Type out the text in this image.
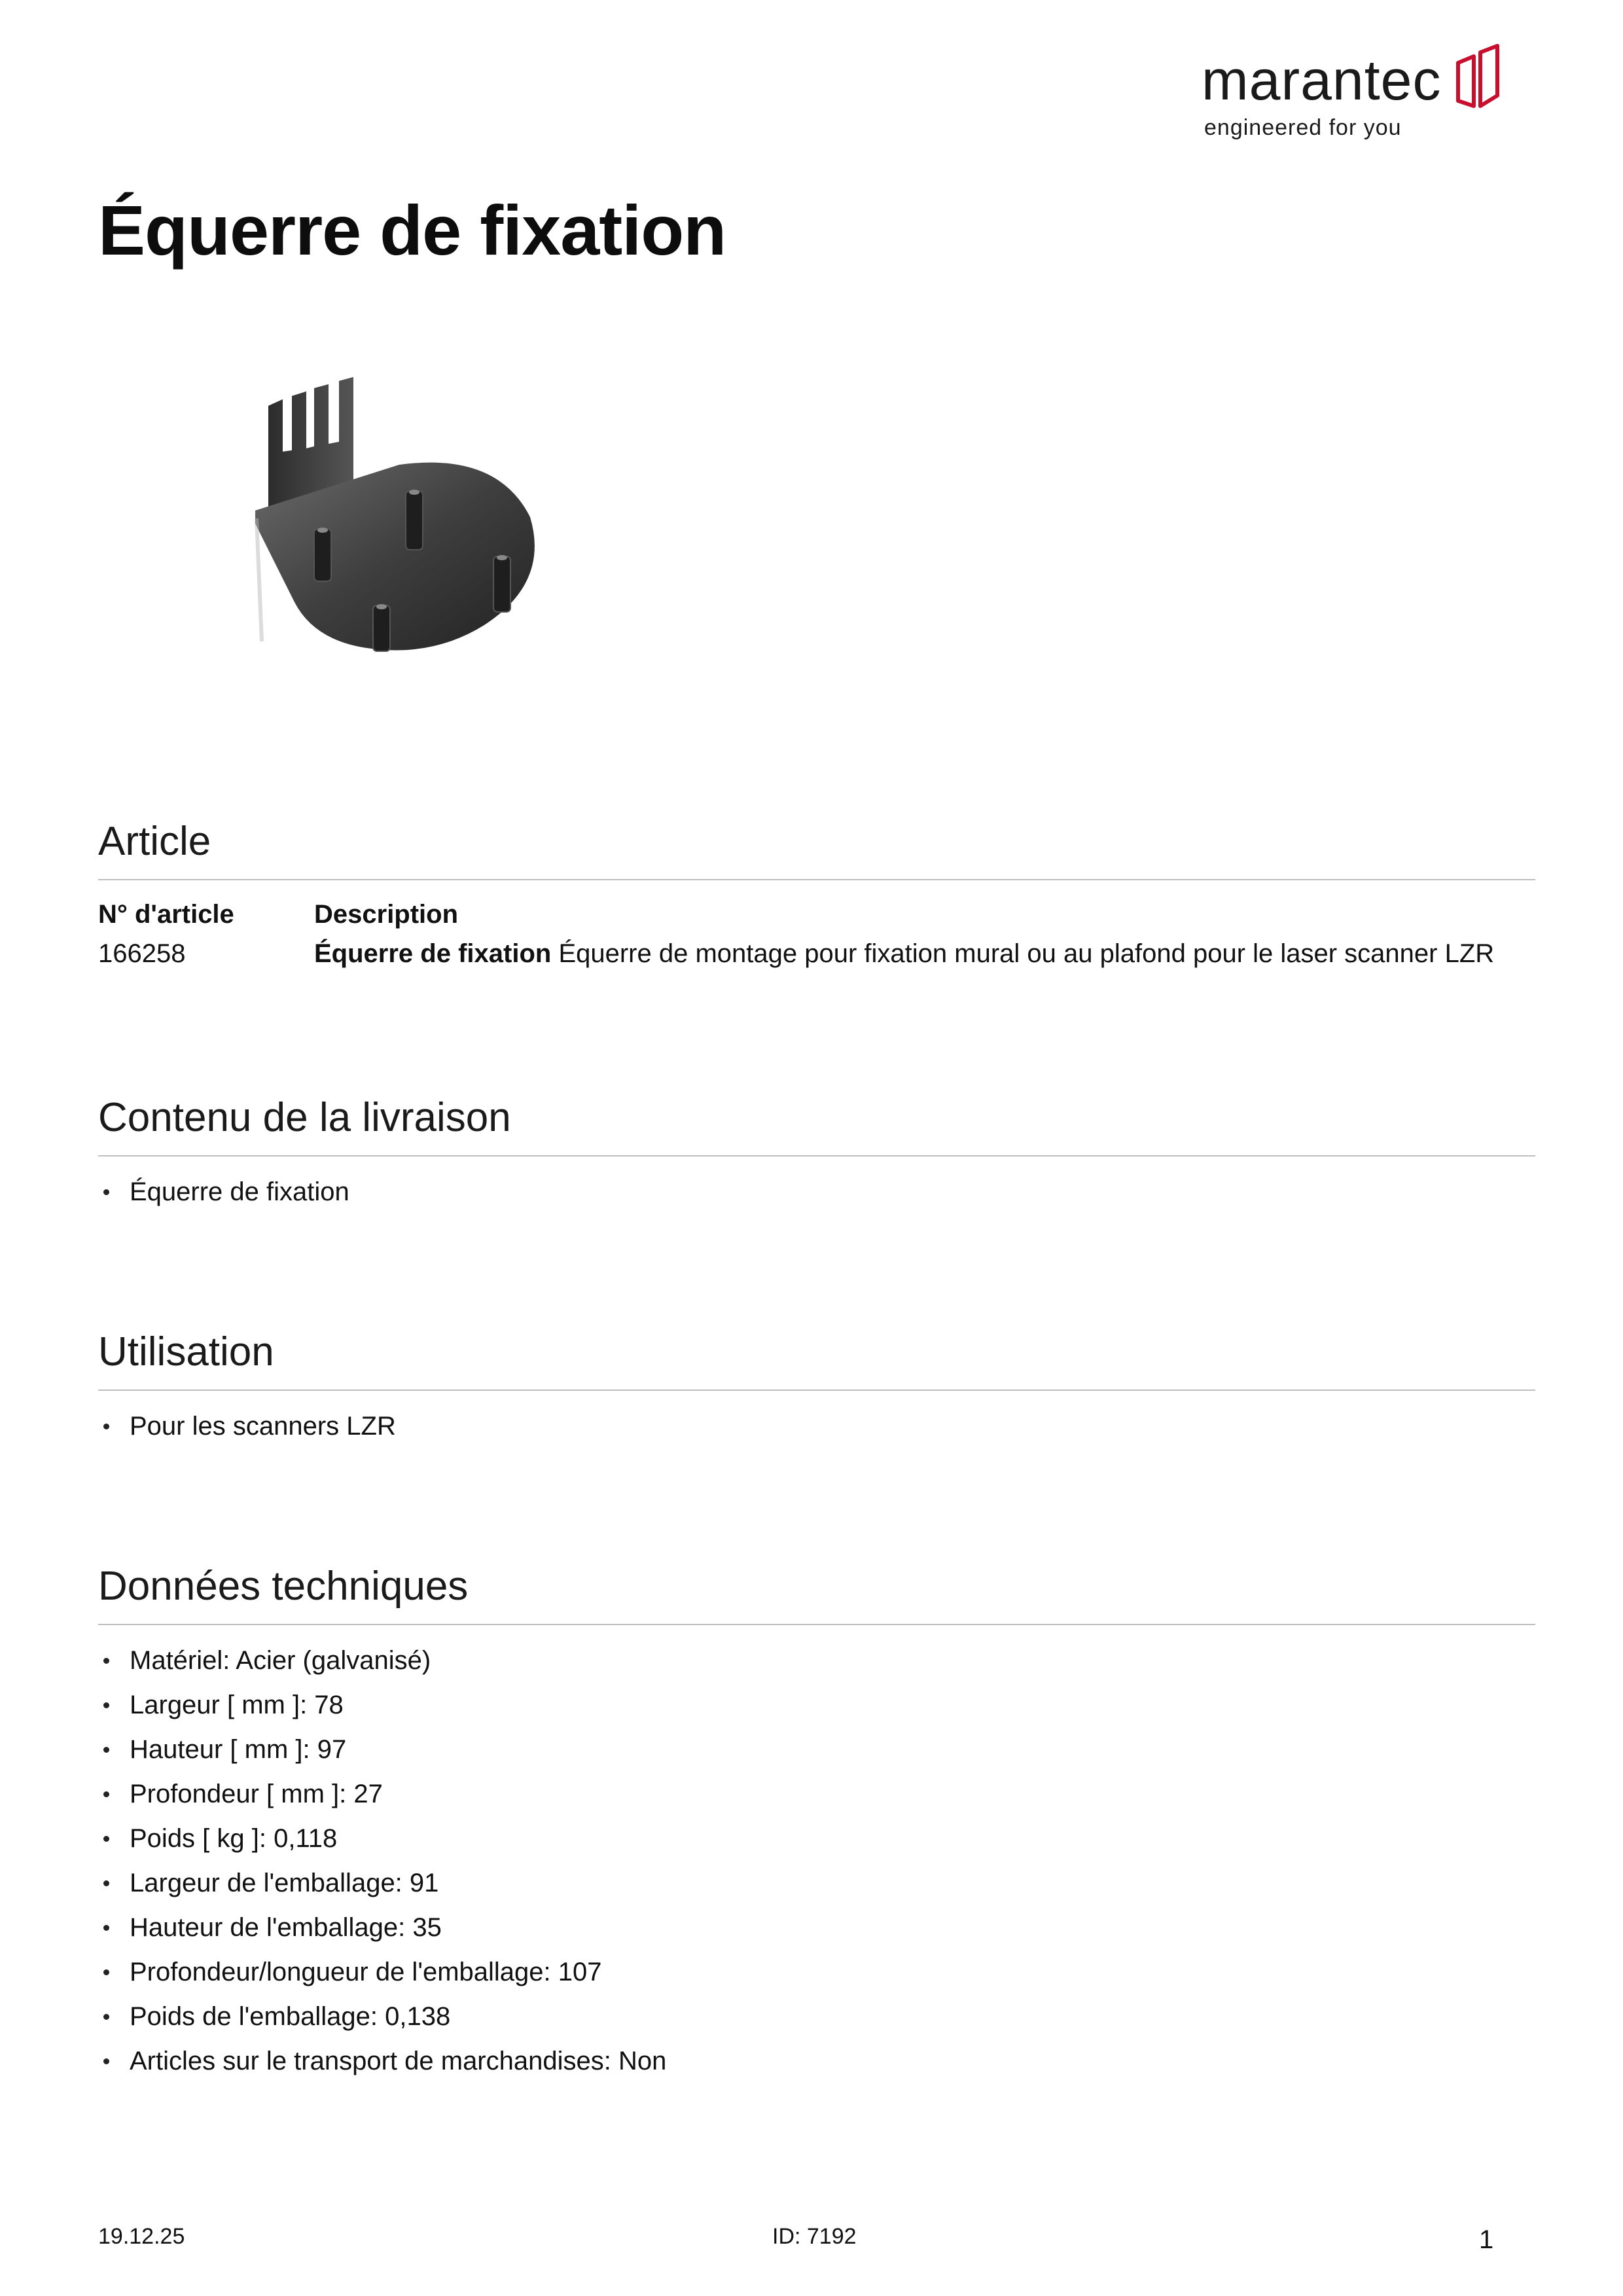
marantec
engineered for you
Équerre de fixation
Article
N° d'article	Description
166258	Équerre de fixation Équerre de montage pour fixation mural ou au plafond pour le laser scanner LZR
Contenu de la livraison
Équerre de fixation
Utilisation
Pour les scanners LZR
Données techniques
Matériel: Acier (galvanisé)
Largeur [ mm ]: 78
Hauteur [ mm ]: 97
Profondeur [ mm ]: 27
Poids [ kg ]: 0,118
Largeur de l'emballage: 91
Hauteur de l'emballage: 35
Profondeur/longueur de l'emballage: 107
Poids de l'emballage: 0,138
Articles sur le transport de marchandises: Non
19.12.25	ID: 7192	1
